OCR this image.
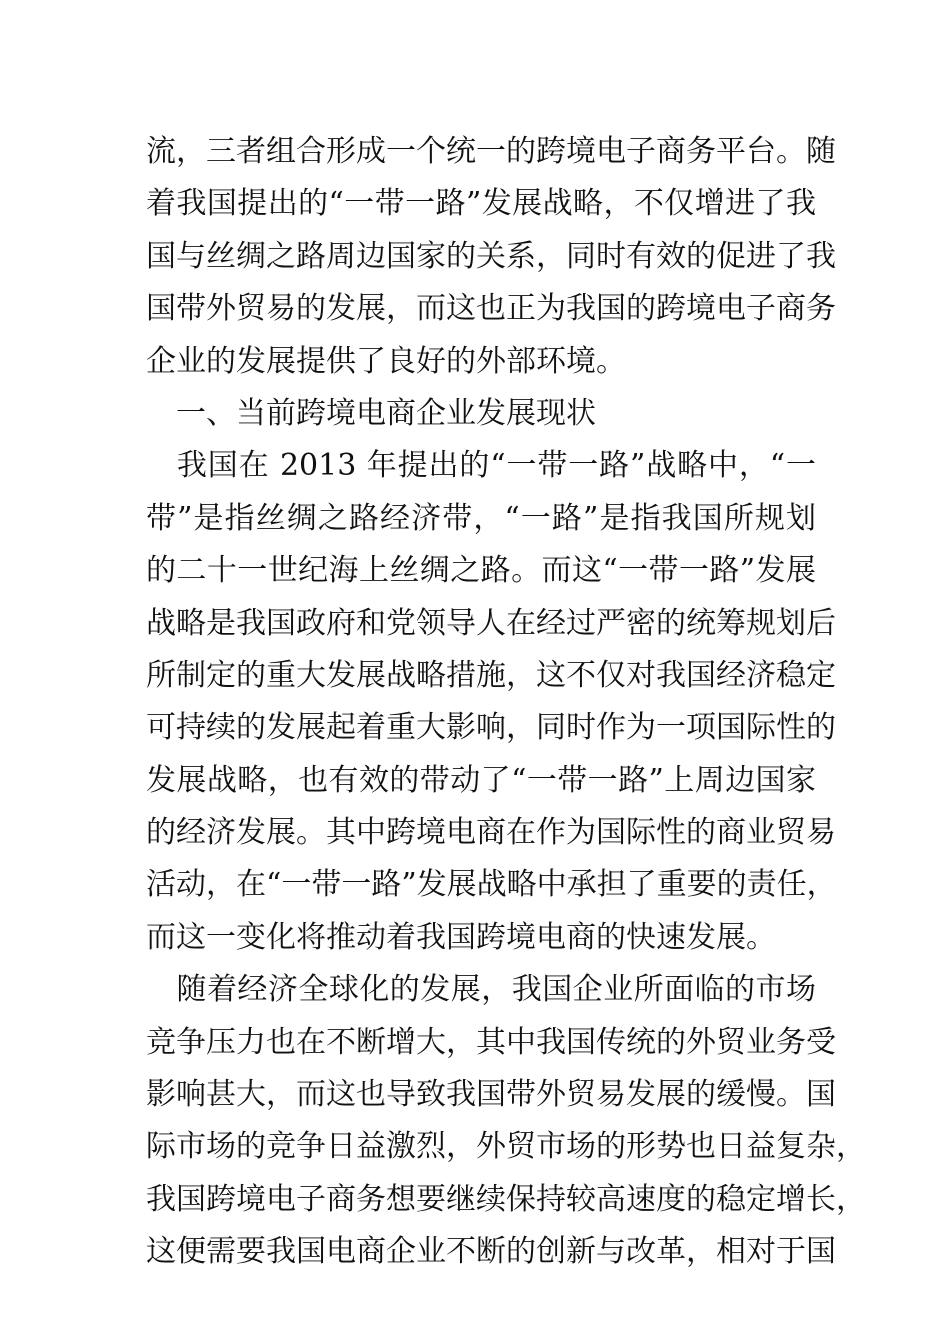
流，三者组合形成一个统一的跨境电子商务平台。随
着我国提出的“一带一路”发展战略，不仅增进了我
国与丝绸之路周边国家的关系，同时有效的促进了我
国带外贸易的发展，而这也正为我国的跨境电子商务
企业的发展提供了良好的外部环境。
　一、当前跨境电商企业发展现状
　我国在 2013 年提出的“一带一路”战略中，“一
带”是指丝绸之路经济带，“一路”是指我国所规划
的二十一世纪海上丝绸之路。而这“一带一路”发展
战略是我国政府和党领导人在经过严密的统筹规划后
所制定的重大发展战略措施，这不仅对我国经济稳定
可持续的发展起着重大影响，同时作为一项国际性的
发展战略，也有效的带动了“一带一路”上周边国家
的经济发展。其中跨境电商在作为国际性的商业贸易
活动，在“一带一路”发展战略中承担了重要的责任，
而这一变化将推动着我国跨境电商的快速发展。
　随着经济全球化的发展，我国企业所面临的市场
竞争压力也在不断增大，其中我国传统的外贸业务受
影响甚大，而这也导致我国带外贸易发展的缓慢。国
际市场的竞争日益激烈，外贸市场的形势也日益复杂，
我国跨境电子商务想要继续保持较高速度的稳定增长，
这便需要我国电商企业不断的创新与改革，相对于国
